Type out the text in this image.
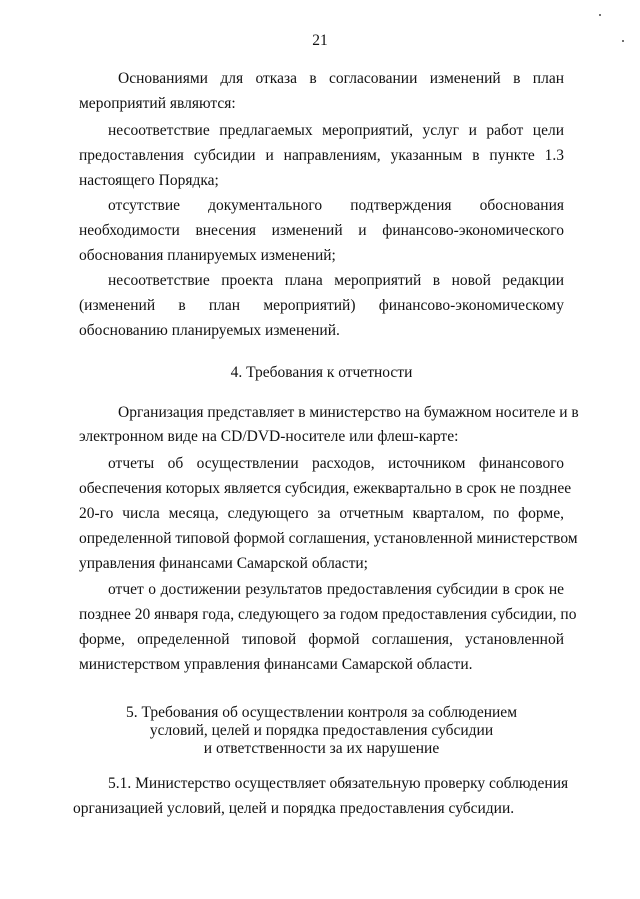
21
Основаниями для отказа в согласовании изменений в план
мероприятий являются:
несоответствие предлагаемых мероприятий, услуг и работ цели
предоставления субсидии и направлениям, указанным в пункте 1.3
настоящего Порядка;
отсутствие документального подтверждения обоснования
необходимости внесения изменений и финансово-экономического
обоснования планируемых изменений;
несоответствие проекта плана мероприятий в новой редакции
(изменений в план мероприятий) финансово-экономическому
обоснованию планируемых изменений.
4. Требования к отчетности
Организация представляет в министерство на бумажном носителе и в
электронном виде на CD/DVD-носителе или флеш-карте:
отчеты об осуществлении расходов, источником финансового
обеспечения которых является субсидия, ежеквартально в срок не позднее
20-го числа месяца, следующего за отчетным кварталом, по форме,
определенной типовой формой соглашения, установленной министерством
управления финансами Самарской области;
отчет о достижении результатов предоставления субсидии в срок не
позднее 20 января года, следующего за годом предоставления субсидии, по
форме, определенной типовой формой соглашения, установленной
министерством управления финансами Самарской области.
5. Требования об осуществлении контроля за соблюдением
условий, целей и порядка предоставления субсидии
и ответственности за их нарушение
5.1. Министерство осуществляет обязательную проверку соблюдения
организацией условий, целей и порядка предоставления субсидии.
